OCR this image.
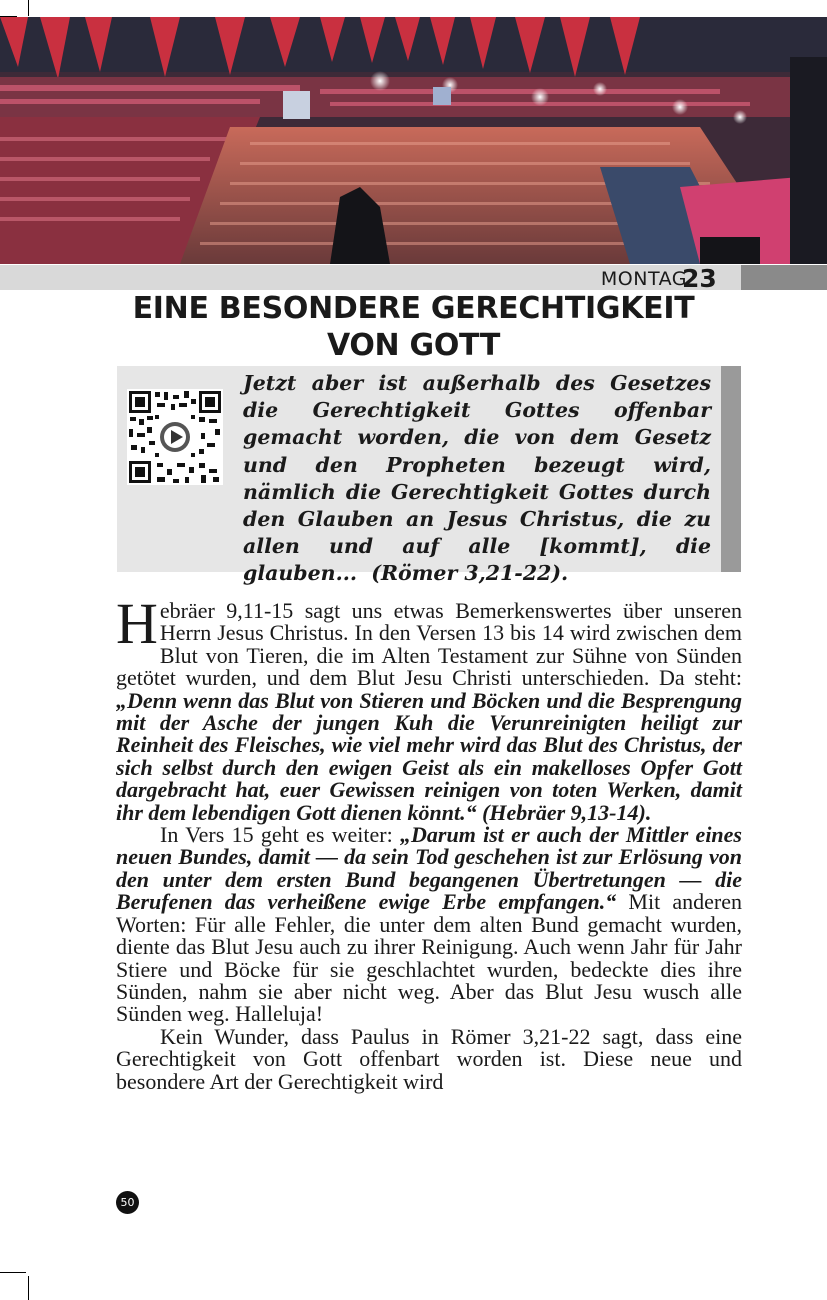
MONTAG
23
EINE BESONDERE GERECHTIGKEIT
VON GOTT
Jetzt aber ist außerhalb des Gesetzes die Gerechtigkeit Gottes offenbar gemacht worden, die von dem Gesetz und den Propheten bezeugt wird, nämlich die Gerechtigkeit Gottes durch den Glauben an Jesus Christus, die zu allen und auf alle [kommt], die glauben... (Römer 3,21-22).

Hebräer 9,11-15 sagt uns etwas Bemerkenswertes über unseren Herrn Jesus Christus. In den Versen 13 bis 14 wird zwischen dem Blut von Tieren, die im Alten Testament zur Sühne von Sünden getötet wurden, und dem Blut Jesu Christi unterschieden. Da steht: „Denn wenn das Blut von Stieren und Böcken und die Besprengung mit der Asche der jungen Kuh die Verunreinigten heiligt zur Reinheit des Fleisches, wie viel mehr wird das Blut des Christus, der sich selbst durch den ewigen Geist als ein makelloses Opfer Gott dargebracht hat, euer Gewissen reinigen von toten Werken, damit ihr dem lebendigen Gott dienen könnt.“ (Hebräer 9,13-14).

In Vers 15 geht es weiter: „Darum ist er auch der Mittler eines neuen Bundes, damit — da sein Tod geschehen ist zur Erlösung von den unter dem ersten Bund begangenen Übertretungen — die Berufenen das verheißene ewige Erbe empfangen.“ Mit anderen Worten: Für alle Fehler, die unter dem alten Bund gemacht wurden, diente das Blut Jesu auch zu ihrer Reinigung. Auch wenn Jahr für Jahr Stiere und Böcke für sie geschlachtet wurden, bedeckte dies ihre Sünden, nahm sie aber nicht weg. Aber das Blut Jesu wusch alle Sünden weg. Halleluja!

Kein Wunder, dass Paulus in Römer 3,21-22 sagt, dass eine Gerechtigkeit von Gott offenbart worden ist. Diese neue und besondere Art der Gerechtigkeit wird

50
